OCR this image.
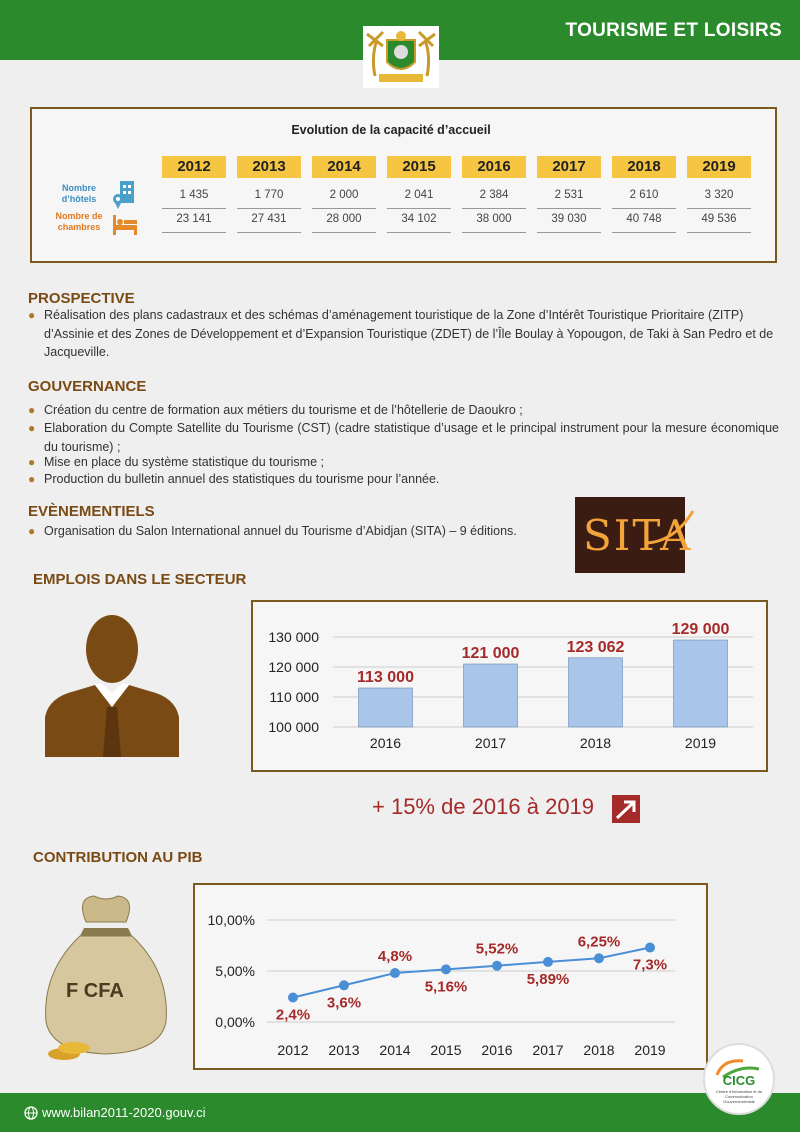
TOURISME ET LOISIRS
Evolution de la capacité d’accueil
Nombre d’hôtels
Nombre de chambres
2012	2013	2014	2015	2016	2017	2018	2019
1 435	1 770	2 000	2 041	2 384	2 531	2 610	3 320
23 141	27 431	28 000	34 102	38 000	39 030	40 748	49 536
PROSPECTIVE
● Réalisation des plans cadastraux et des schémas d’aménagement touristique de la Zone d’Intérêt Touristique Prioritaire (ZITP) d’Assinie et des Zones de Développement et d’Expansion Touristique (ZDET) de l’Île Boulay à Yopougon, de Taki à San Pedro et de Jacqueville.
GOUVERNANCE
● Création du centre de formation aux métiers du tourisme et de l’hôtellerie de Daoukro ;
● Elaboration du Compte Satellite du Tourisme (CST) (cadre statistique d’usage et le principal instrument pour la mesure économique du tourisme) ;
● Mise en place du système statistique du tourisme ;
● Production du bulletin annuel des statistiques du tourisme pour l’année.
EVÈNEMENTIELS
● Organisation du Salon International annuel du Tourisme d’Abidjan (SITA) – 9 éditions.	SITA
EMPLOIS DANS LE SECTEUR
100 000
110 000
120 000
130 000
113 000
2016
121 000
2017
123 062
2018
129 000
2019
+ 15% de 2016 à 2019
CONTRIBUTION AU PIB
F CFA
0,00%
5,00%
10,00%
2,4%
2012
3,6%
2013
4,8%
2014
5,16%
2015
5,52%
2016
5,89%
2017
6,25%
2018
7,3%
2019
www.bilan2011-2020.gouv.ci
CICG
Centre d'Information et de Communication Gouvernementale
